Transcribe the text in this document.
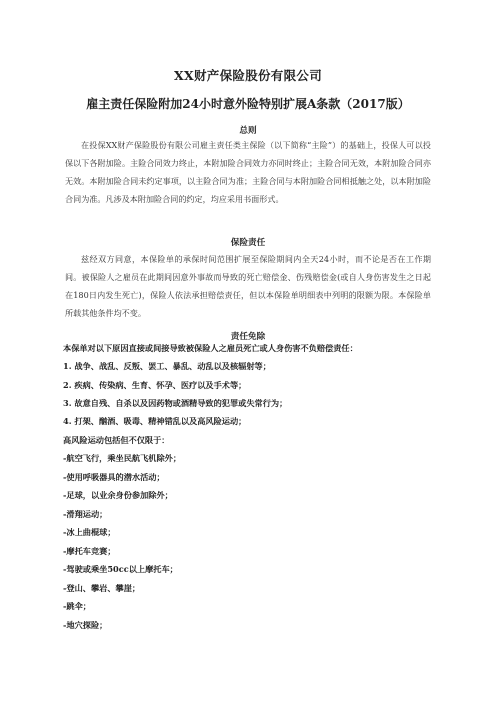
XX财产保险股份有限公司
雇主责任保险附加24小时意外险特别扩展A条款（2017版）
总则
在投保XX财产保险股份有限公司雇主责任类主保险（以下简称“主险”）的基础上，投保人可以投保以下各附加险。主险合同效力终止，本附加险合同效力亦同时终止；主险合同无效，本附加险合同亦无效。本附加险合同未约定事项，以主险合同为准；主险合同与本附加险合同相抵触之处，以本附加险合同为准。凡涉及本附加险合同的约定，均应采用书面形式。
保险责任
兹经双方同意，本保险单的承保时间范围扩展至保险期间内全天24小时，而不论是否在工作期间。被保险人之雇员在此期间因意外事故而导致的死亡赔偿金、伤残赔偿金(或自人身伤害发生之日起在180日内发生死亡)，保险人依法承担赔偿责任，但以本保险单明细表中列明的限额为限。本保险单所载其他条件均不变。
责任免除
本保单对以下原因直接或间接导致被保险人之雇员死亡或人身伤害不负赔偿责任：
1. 战争、战乱、反叛、罢工、暴乱、动乱以及核辐射等；
2. 疾病、传染病、生育、怀孕、医疗以及手术等；
3. 故意自残、自杀以及因药物或酒精导致的犯罪或失常行为；
4. 打架、酗酒、吸毒、精神错乱以及高风险运动；
高风险运动包括但不仅限于：
-航空飞行，乘坐民航飞机除外；
-使用呼吸器具的潜水活动；
-足球，以业余身份参加除外；
-滑翔运动；
-冰上曲棍球；
-摩托车竞赛；
-驾驶或乘坐50cc以上摩托车；
-登山、攀岩、攀崖；
-跳伞；
-地穴探险；
